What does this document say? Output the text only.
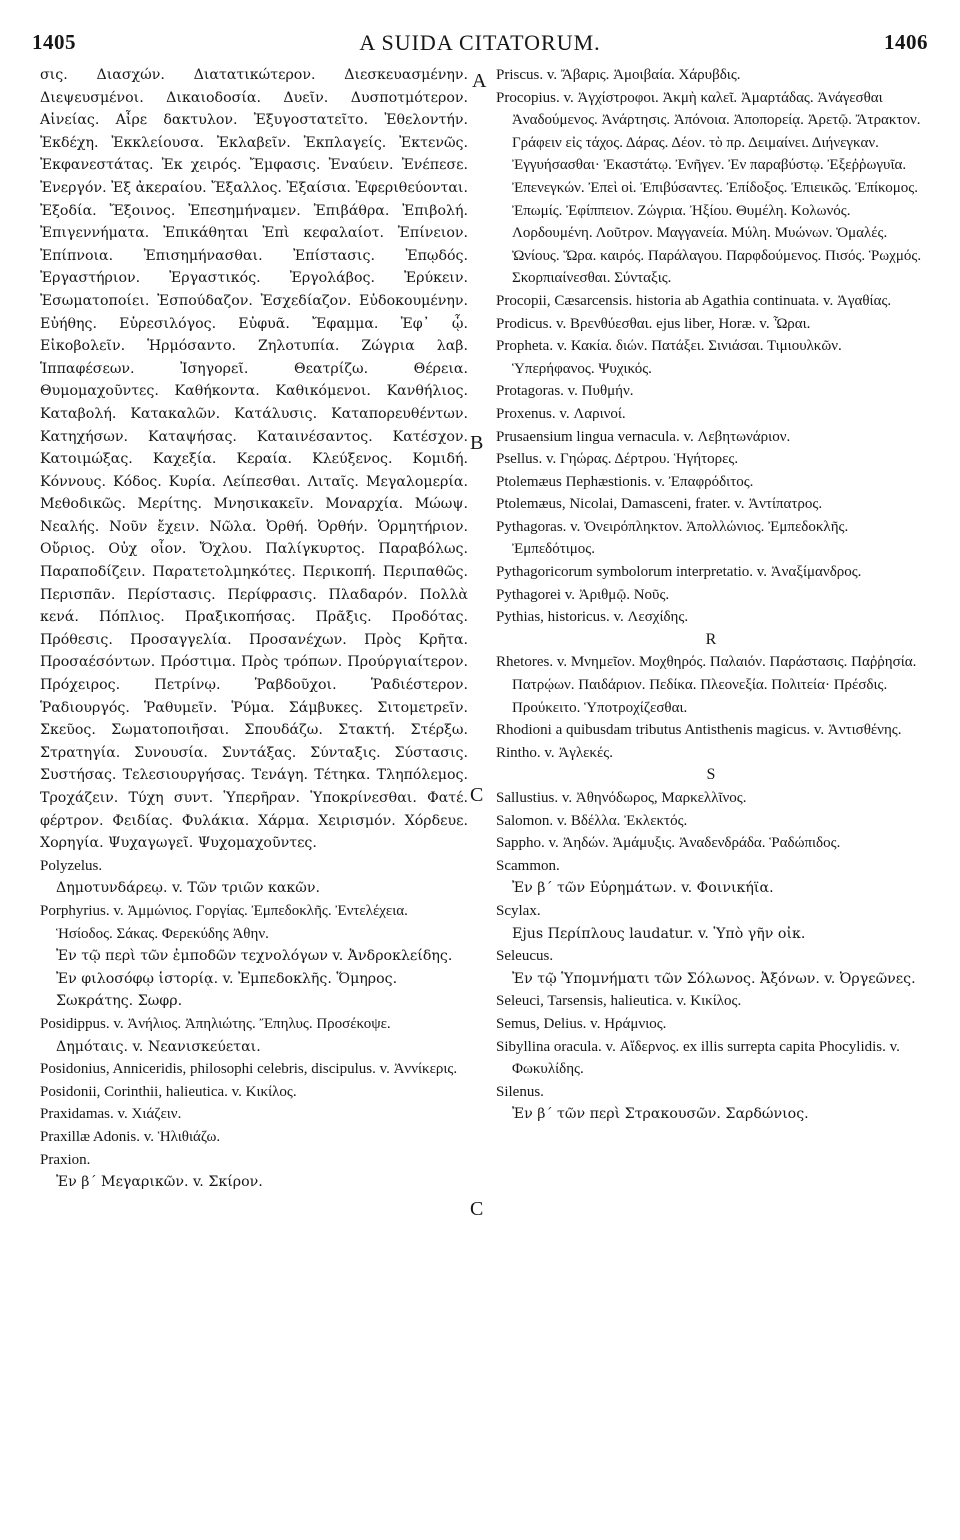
1405	A SUIDA CITATORUM.	1406
A
B
C
C

σις. Διασχών. Διατατικώτερον. Διεσκευασμένην. Διεψευσμένοι. Δικαιοδοσία. Δυεῖν. Δυσποτμότερον. Αἰνείας. Αἶρε δακτυλον. Ἐξυγοστατεῖτο. Ἐθελοντήν. Ἐκδέχη. Ἐκκλείουσα. Ἐκλαβεῖν. Ἐκπλαγείς. Ἐκτενῶς. Ἐκφανεστάτας. Ἐκ χειρός. Ἔμφασις. Ἐναύειν. Ἐνέπεσε. Ἐνεργόν. Ἐξ ἀκεραίου. Ἔξαλλος. Ἐξαίσια. Ἐφεριθεύονται. Ἐξοδία. Ἔξοινος. Ἐπεσημήναμεν. Ἐπιβάθρα. Ἐπιβολή. Ἐπιγεννήματα. Ἐπικάθηται Ἐπὶ κεφαλαίοτ. Ἐπίνειον. Ἐπίπνοια. Ἐπισημήνασθαι. Ἐπίστασις. Ἐπῳδός. Ἐργαστήριον. Ἐργαστικός. Ἐργολάβος. Ἐρύκειν. Ἐσωματοποίει. Ἐσπούδαζον. Ἐσχεδίαζον. Εὐδοκουμένην. Εὐήθης. Εὑρεσιλόγος. Εὐφυᾶ. Ἔφαμμα. Ἐφ᾽ ᾧ. Εἰκοβολεῖν. Ἡρμόσαντο. Ζηλοτυπία. Ζώγρια λαβ. Ἱππαφέσεων. Ἰσηγορεῖ. Θεατρίζω. Θέρεια. Θυμομαχοῦντες. Καθήκοντα. Καθικόμενοι. Κανθήλιος. Καταβολή. Κατακαλῶν. Κατάλυσις. Καταπορευθέντων. Κατηχήσων. Καταψήσας. Καταινέσαντος. Κατέσχον. Κατοιμώξας. Καχεξία. Κεραία. Κλεύξενος. Κομιδή. Κόννους. Κόδος. Κυρία. Λείπεσθαι. Λιταῖς. Μεγαλομερία. Μεθοδικῶς. Μερίτης. Μνησικακεῖν. Μοναρχία. Μώωψ. Νεαλής. Νοῦν ἔχειν. Νῶλα. Ὀρθή. Ὀρθήν. Ὁρμητήριον. Οὔριος. Οὐχ οἷον. Ὄχλου. Παλίγκυρτος. Παραβόλως. Παραποδίζειν. Παρατετολμηκότες. Περικοπή. Περιπαθῶς. Περισπᾶν. Περίστασις. Περίφρασις. Πλαδαρόν. Πολλὰ κενά. Πόπλιος. Πραξικοπήσας. Πρᾶξις. Προδότας. Πρόθεσις. Προσαγγελία. Προσανέχων. Πρὸς Κρῆτα. Προσαέσόντων. Πρόστιμα. Πρὸς τρόπων. Προύργιαίτερον. Πρόχειρος. Πετρίνῳ. Ῥαβδοῦχοι. Ῥαδιέστερον. Ῥαδιουργός. Ῥαθυμεῖν. Ῥύμα. Σάμβυκες. Σιτομετρεῖν. Σκεῦος. Σωματοποιῆσαι. Σπουδάζω. Στακτή. Στέρξω. Στρατηγία. Συνουσία. Συντάξας. Σύνταξις. Σύστασις. Συστήσας. Τελεσιουργήσας. Τενάγη. Τέτηκα. Τληπόλεμος. Τροχάζειν. Τύχη συντ. Ὑπερῆραν. Ὑποκρίνεσθαι. Φατέ. φέρτρον. Φειδίας. Φυλάκια. Χάρμα. Χειρισμόν. Χόρδευε. Χορηγία. Ψυχαγωγεῖ. Ψυχομαχοῦντες.

Polyzelus.

Δημοτυνδάρεῳ. v. Τῶν τριῶν κακῶν.

Porphyrius. v. Ἀμμώνιος. Γοργίας. Ἐμπεδοκλῆς. Ἐντελέχεια. Ἡσίοδος. Σάκας. Φερεκύδης Ἀθην.

Ἐν τῷ περὶ τῶν ἐμποδῶν τεχνολόγων v. Ἀνδροκλείδης.

Ἐν φιλοσόφῳ ἱστορίᾳ. v. Ἐμπεδοκλῆς. Ὅμηρος. Σωκράτης. Σωφρ.

Posidippus. v. Ἀνήλιος. Ἀπηλιώτης. Ἔπηλυς. Προσέκοψε.

Δημόταις. v. Νεανισκεύεται.

Posidonius, Anniceridis, philosophi celebris, discipulus. v. Ἀννίκερις.

Posidonii, Corinthii, halieutica. v. Κικίλος.

Praxidamas. v. Χιάζειν.

Praxillæ Adonis. v. Ἡλιθιάζω.

Praxion.

Ἐν β΄ Μεγαρικῶν. v. Σκίρον.

Priscus. v. Ἄβαρις. Ἀμοιβαία. Χάρυβδις.

Procopius. v. Ἀγχίστροφοι. Ἀκμὴ καλεῖ. Ἀμαρτάδας. Ἀνάγεσθαι Ἀναδούμενος. Ἀνάρτησις. Ἀπόνοια. Ἀποπορείᾳ. Ἀρετῷ. Ἄτρακτον. Γράφειν εἰς τάχος. Δάρας. Δέον. τὸ πρ. Δειμαίνει. Διήνεγκαν. Ἐγγυήσασθαι· Ἐκαστάτῳ. Ἐνῆγεν. Ἐν παραβύστῳ. Ἐξεῤῥωγυῖα. Ἐπενεγκών. Ἐπεὶ οἱ. Ἐπιβύσαντες. Ἐπίδοξος. Ἐπιεικῶς. Ἐπίκομος. Ἐπωμίς. Ἐφίππειον. Ζώγρια. Ἠξίου. Θυμέλη. Κολωνός. Λορδουμένη. Λοῦτρον. Μαγγανεία. Μύλη. Μυώνων. Ὁμαλές. Ὠνίους. Ὥρα. καιρός. Παράλαγου. Παρφδούμενος. Πισός. Ῥωχμός. Σκορπιαίνεσθαι. Σύνταξις.

Procopii, Cæsarcensis. historia ab Agathia continuata. v. Ἀγαθίας.

Prodicus. v. Βρενθύεσθαι. ejus liber, Horæ. v. Ὧραι.

Propheta. v. Κακία. διών. Πατάξει. Σινιάσαι. Τιμιουλκῶν. Ὑπερήφανος. Ψυχικός.

Protagoras. v. Πυθμήν.

Proxenus. v. Λαρινοί.

Prusaensium lingua vernacula. v. Λεβητωνάριον.

Psellus. v. Γηώρας. Δέρτρου. Ἡγήτορες.

Ptolemæus Πephæstionis. v. Ἐπαφρόδιτος.

Ptolemæus, Nicolai, Damasceni, frater. v. Ἀντίπατρος.

Pythagoras. v. Ὀνειρόπληκτον. Ἀπολλώνιος. Ἐμπεδοκλῆς. Ἐμπεδότιμος.

Pythagoricorum symbolorum interpretatio. v. Ἀναξίμανδρος.

Pythagorei v. Ἀριθμῷ. Νοῦς.

Pythias, historicus. v. Λεσχίδης.

R

Rhetores. v. Μνημεῖον. Μοχθηρός. Παλαιόν. Παράστασις. Παῤῥησία. Πατρῴων. Παιδάριον. Πεδίκα. Πλεονεξία. Πολιτεία· Πρέσδις. Προύκειτο. Ὑποτροχίζεσθαι.

Rhodioni a quibusdam tributus Antisthenis magicus. v. Ἀντισθένης.

Rintho. v. Ἀγλεκές.

S

Sallustius. v. Ἀθηνόδωρος, Μαρκελλῖνος.

Salomon. v. Βδέλλα. Ἐκλεκτός.

Sappho. v. Ἀηδών. Ἀμάμυξις. Ἀναδενδράδα. Ῥαδώπιδος.

Scammon.

Ἐν β΄ τῶν Εὑρημάτων. v. Φοινικήϊα.

Scylax.

Ejus Περίπλους laudatur. v. Ὑπὸ γῆν οἰκ.

Seleucus.

Ἐν τῷ Ὑπομνήματι τῶν Σόλωνος. Ἀξόνων. v. Ὀργεῶνες.

Seleuci, Tarsensis, halieutica. v. Κικίλος.

Semus, Delius. v. Ηράμνιος.

Sibyllina oracula. v. Αἴδερνος. ex illis surrepta capita Phocylidis. v. Φωκυλίδης.

Silenus.

Ἐν β΄ τῶν περὶ Στρακουσῶν. Σαρδώνιος.
